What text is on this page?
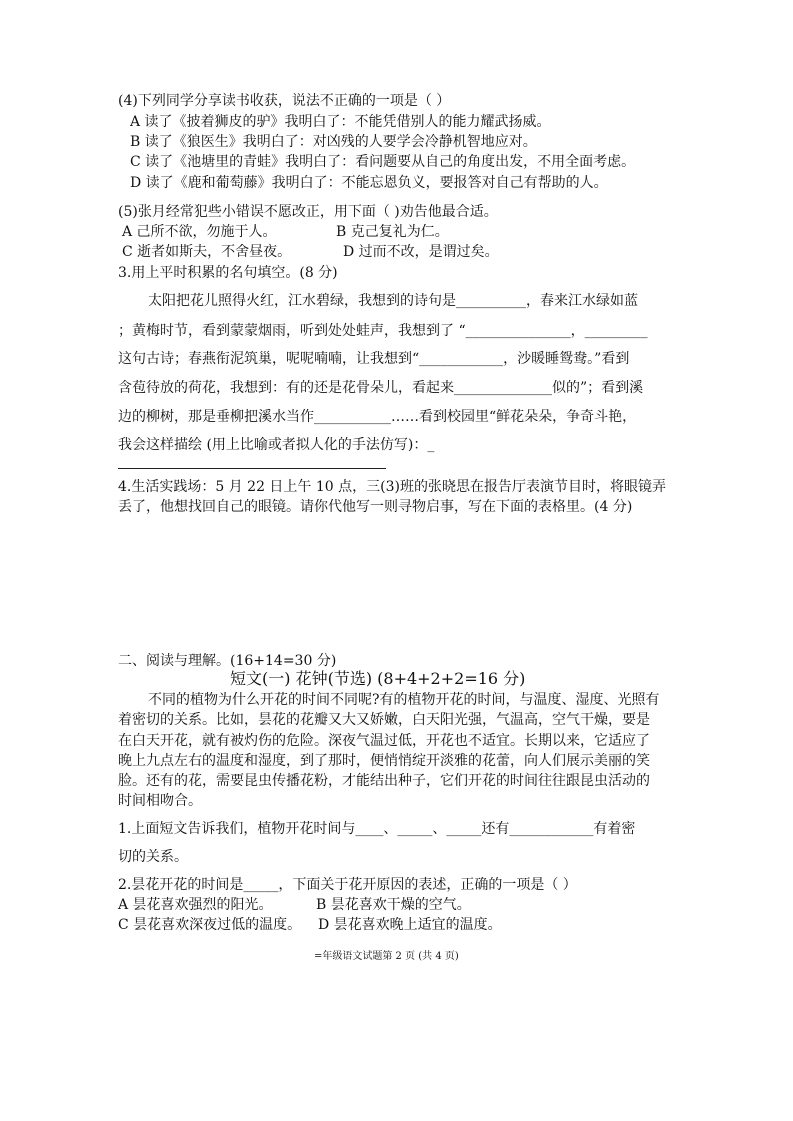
(4)下列同学分享读书收获，说法不正确的一项是（ ）
A 读了《披着狮皮的驴》我明白了：不能凭借别人的能力耀武扬威。
B 读了《狼医生》我明白了：对凶残的人要学会冷静机智地应对。
C 读了《池塘里的青蛙》我明白了：看问题要从自己的角度出发，不用全面考虑。
D 读了《鹿和葡萄藤》我明白了：不能忘恩负义，要报答对自己有帮助的人。
(5)张月经常犯些小错误不愿改正，用下面（ )劝告他最合适。
A 己所不欲，勿施于人。	B 克己复礼为仁。
C 逝者如斯夫，不舍昼夜。	D 过而不改，是谓过矣。
3.用上平时积累的名句填空。(8 分)
太阳把花儿照得火红，江水碧绿，我想到的诗句是__________，春来江水绿如蓝
；黄梅时节，看到蒙蒙烟雨，听到处处蛙声，我想到了 “_______________，_________
这句古诗；春燕衔泥筑巢，呢呢喃喃，让我想到“____________，沙暖睡鸳鸯。”看到
含苞待放的荷花，我想到：有的还是花骨朵儿，看起来______________似的”；看到溪
边的柳树，那是垂柳把溪水当作___________……看到校园里“鲜花朵朵，争奇斗艳，
我会这样描绘 (用上比喻或者拟人化的手法仿写)：_
4.生活实践场：5 月 22 日上午 10 点，三(3)班的张晓思在报告厅表演节目时，将眼镜弄
丢了，他想找回自己的眼镜。请你代他写一则寻物启事，写在下面的表格里。(4 分)
二、阅读与理解。(16+14=30 分)
短文(一) 花钟(节选) (8+4+2+2=16 分)
不同的植物为什么开花的时间不同呢?有的植物开花的时间，与温度、湿度、光照有
着密切的关系。比如，昙花的花瓣又大又娇嫩，白天阳光强，气温高，空气干燥，要是
在白天开花，就有被灼伤的危险。深夜气温过低，开花也不适宜。长期以来，它适应了
晚上九点左右的温度和湿度，到了那时，便悄悄绽开淡雅的花蕾，向人们展示美丽的笑
脸。还有的花，需要昆虫传播花粉，才能结出种子，它们开花的时间往往跟昆虫活动的
时间相吻合。
1.上面短文告诉我们，植物开花时间与____、_____、_____还有____________有着密
切的关系。
2.昙花开花的时间是_____，下面关于花开原因的表述，正确的一项是（ ）
A 昙花喜欢强烈的阳光。	B 昙花喜欢干燥的空气。
C 昙花喜欢深夜过低的温度。 D 昙花喜欢晚上适宜的温度。
=年级语文试题第 2 页 (共 4 页)
